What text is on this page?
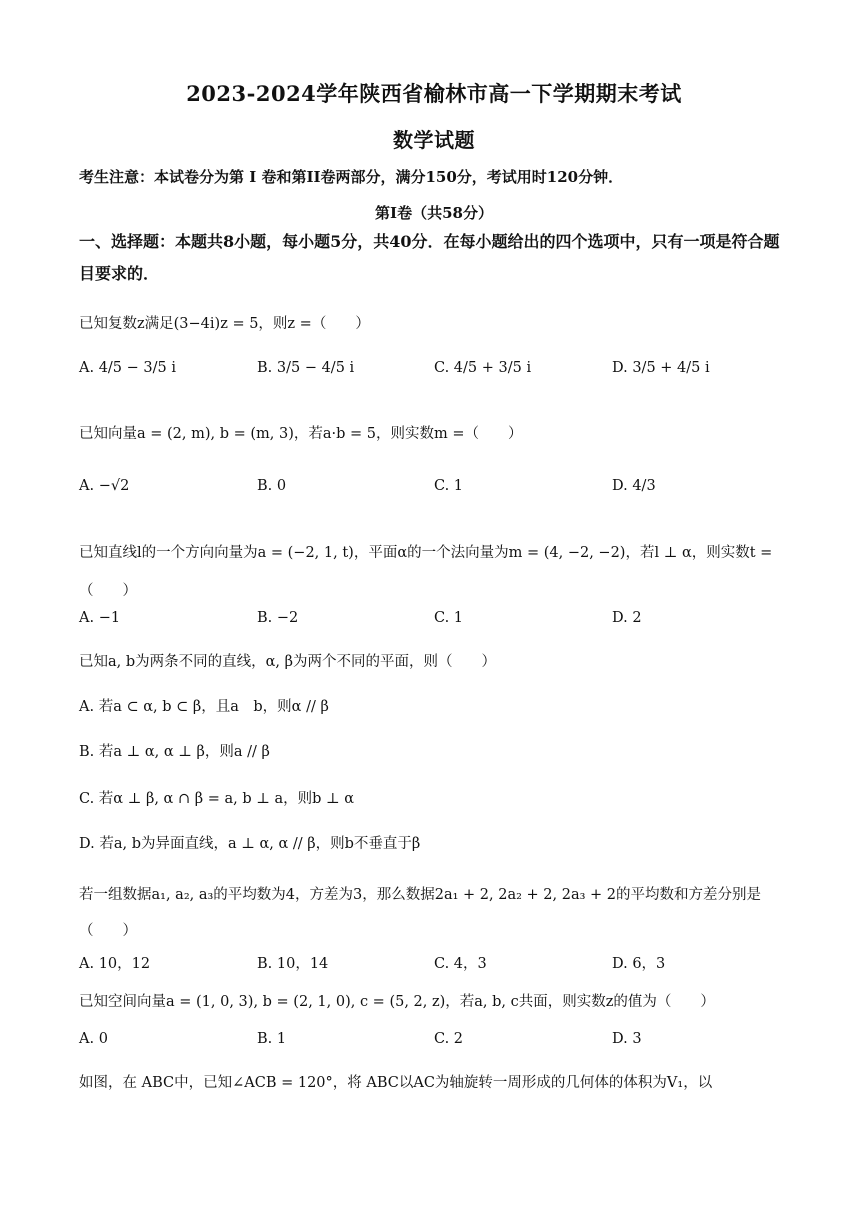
2023-2024学年陕西省榆林市高一下学期期末考试
数学试题
考生注意：本试卷分为第 I 卷和第II卷两部分，满分150分，考试用时120分钟．
第Ⅰ卷（共58分）
一、选择题：本题共8小题，每小题5分，共40分．在每小题给出的四个选项中，只有一项是符合题目要求的．
已知复数z满足(3−4i)z = 5，则z =（　　）
A. 4/5 − 3/5 i	B. 3/5 − 4/5 i	C. 4/5 + 3/5 i	D. 3/5 + 4/5 i
已知向量a = (2, m), b = (m, 3)，若a·b = 5，则实数m =（　　）
A. −√2	B. 0	C. 1	D. 4/3
已知直线l的一个方向向量为a = (−2, 1, t)，平面α的一个法向量为m = (4, −2, −2)，若l ⊥ α，则实数t =（　　）
A. −1	B. −2	C. 1	D. 2
已知a, b为两条不同的直线，α, β为两个不同的平面，则（　　）
A. 若a ⊂ α, b ⊂ β，且a　b，则α // β
B. 若a ⊥ α, α ⊥ β，则a // β
C. 若α ⊥ β, α ∩ β = a, b ⊥ a，则b ⊥ α
D. 若a, b为异面直线，a ⊥ α, α // β，则b不垂直于β
若一组数据a₁, a₂, a₃的平均数为4，方差为3，那么数据2a₁ + 2, 2a₂ + 2, 2a₃ + 2的平均数和方差分别是（　　）
A. 10，12	B. 10，14	C. 4，3	D. 6，3
已知空间向量a = (1, 0, 3), b = (2, 1, 0), c = (5, 2, z)，若a, b, c共面，则实数z的值为（　　）
A. 0	B. 1	C. 2	D. 3
如图，在 ABC中，已知∠ACB = 120°，将 ABC以AC为轴旋转一周形成的几何体的体积为V₁，以
